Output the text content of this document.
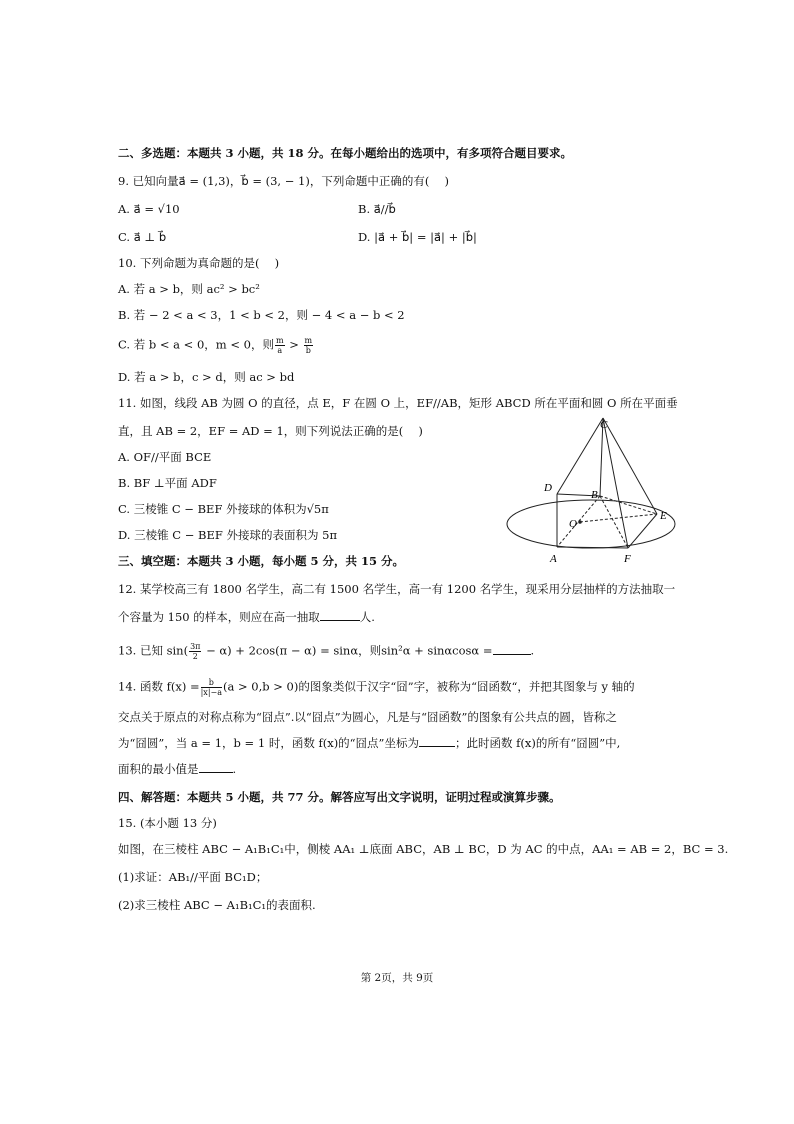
二、多选题：本题共 3 小题，共 18 分。在每小题给出的选项中，有多项符合题目要求。
9. 已知向量a⃗ = (1,3)，b⃗ = (3, − 1)，下列命题中正确的有(　 )
A. a⃗ = √10	B. a⃗//b⃗
C. a⃗ ⊥ b⃗	D. |a⃗ + b⃗| = |a⃗| + |b⃗|
10. 下列命题为真命题的是(　 )
A. 若 a > b，则 ac² > bc²
B. 若 − 2 < a < 3，1 < b < 2，则 − 4 < a − b < 2
C. 若 b < a < 0，m < 0，则 $\frac{m}{a} > \frac{m}{b}$
D. 若 a > b，c > d，则 ac > bd
11. 如图，线段 AB 为圆 O 的直径，点 E，F 在圆 O 上，EF//AB，矩形 ABCD 所在平面和圆 O 所在平面垂
直，且 AB = 2，EF = AD = 1，则下列说法正确的是(　 )
A. OF//平面 BCE
B. BF ⊥平面 ADF
C. 三棱锥 C − BEF 外接球的体积为√5π
D. 三棱锥 C − BEF 外接球的表面积为 5π
C
D
B
O
E
A	F
三、填空题：本题共 3 小题，每小题 5 分，共 15 分。
12. 某学校高三有 1800 名学生，高二有 1500 名学生，高一有 1200 名学生，现采用分层抽样的方法抽取一
个容量为 150 的样本，则应在高一抽取	人.
13. 已知 $\sin( \frac{3\pi}{2} - \alpha) + 2\cos(\pi - \alpha) = \sin\alpha$，则sin²α + sinαcosα =	.
14. 函数 $f(x) = \frac{b}{|x|-a} (a > 0,b > 0)$的图象类似于汉字“囧”字，被称为“囧函数“，并把其图象与 y 轴的
交点关于原点的对称点称为“囧点”.以“囧点”为圆心，凡是与“囧函数”的图象有公共点的圆，皆称之
为“囧圆”，当 a = 1，b = 1 时，函数 f(x)的“囧点”坐标为	；此时函数 f(x)的所有“囧圆”中,
面积的最小值是	.
四、解答题：本题共 5 小题，共 77 分。解答应写出文字说明，证明过程或演算步骤。
15. (本小题 13 分)
如图，在三棱柱 ABC − A₁B₁C₁中，侧棱 AA₁ ⊥底面 ABC，AB ⊥ BC，D 为 AC 的中点，AA₁ = AB = 2，BC = 3.
(1)求证：AB₁//平面 BC₁D；
(2)求三棱柱 ABC − A₁B₁C₁的表面积.
第 2页，共 9页
